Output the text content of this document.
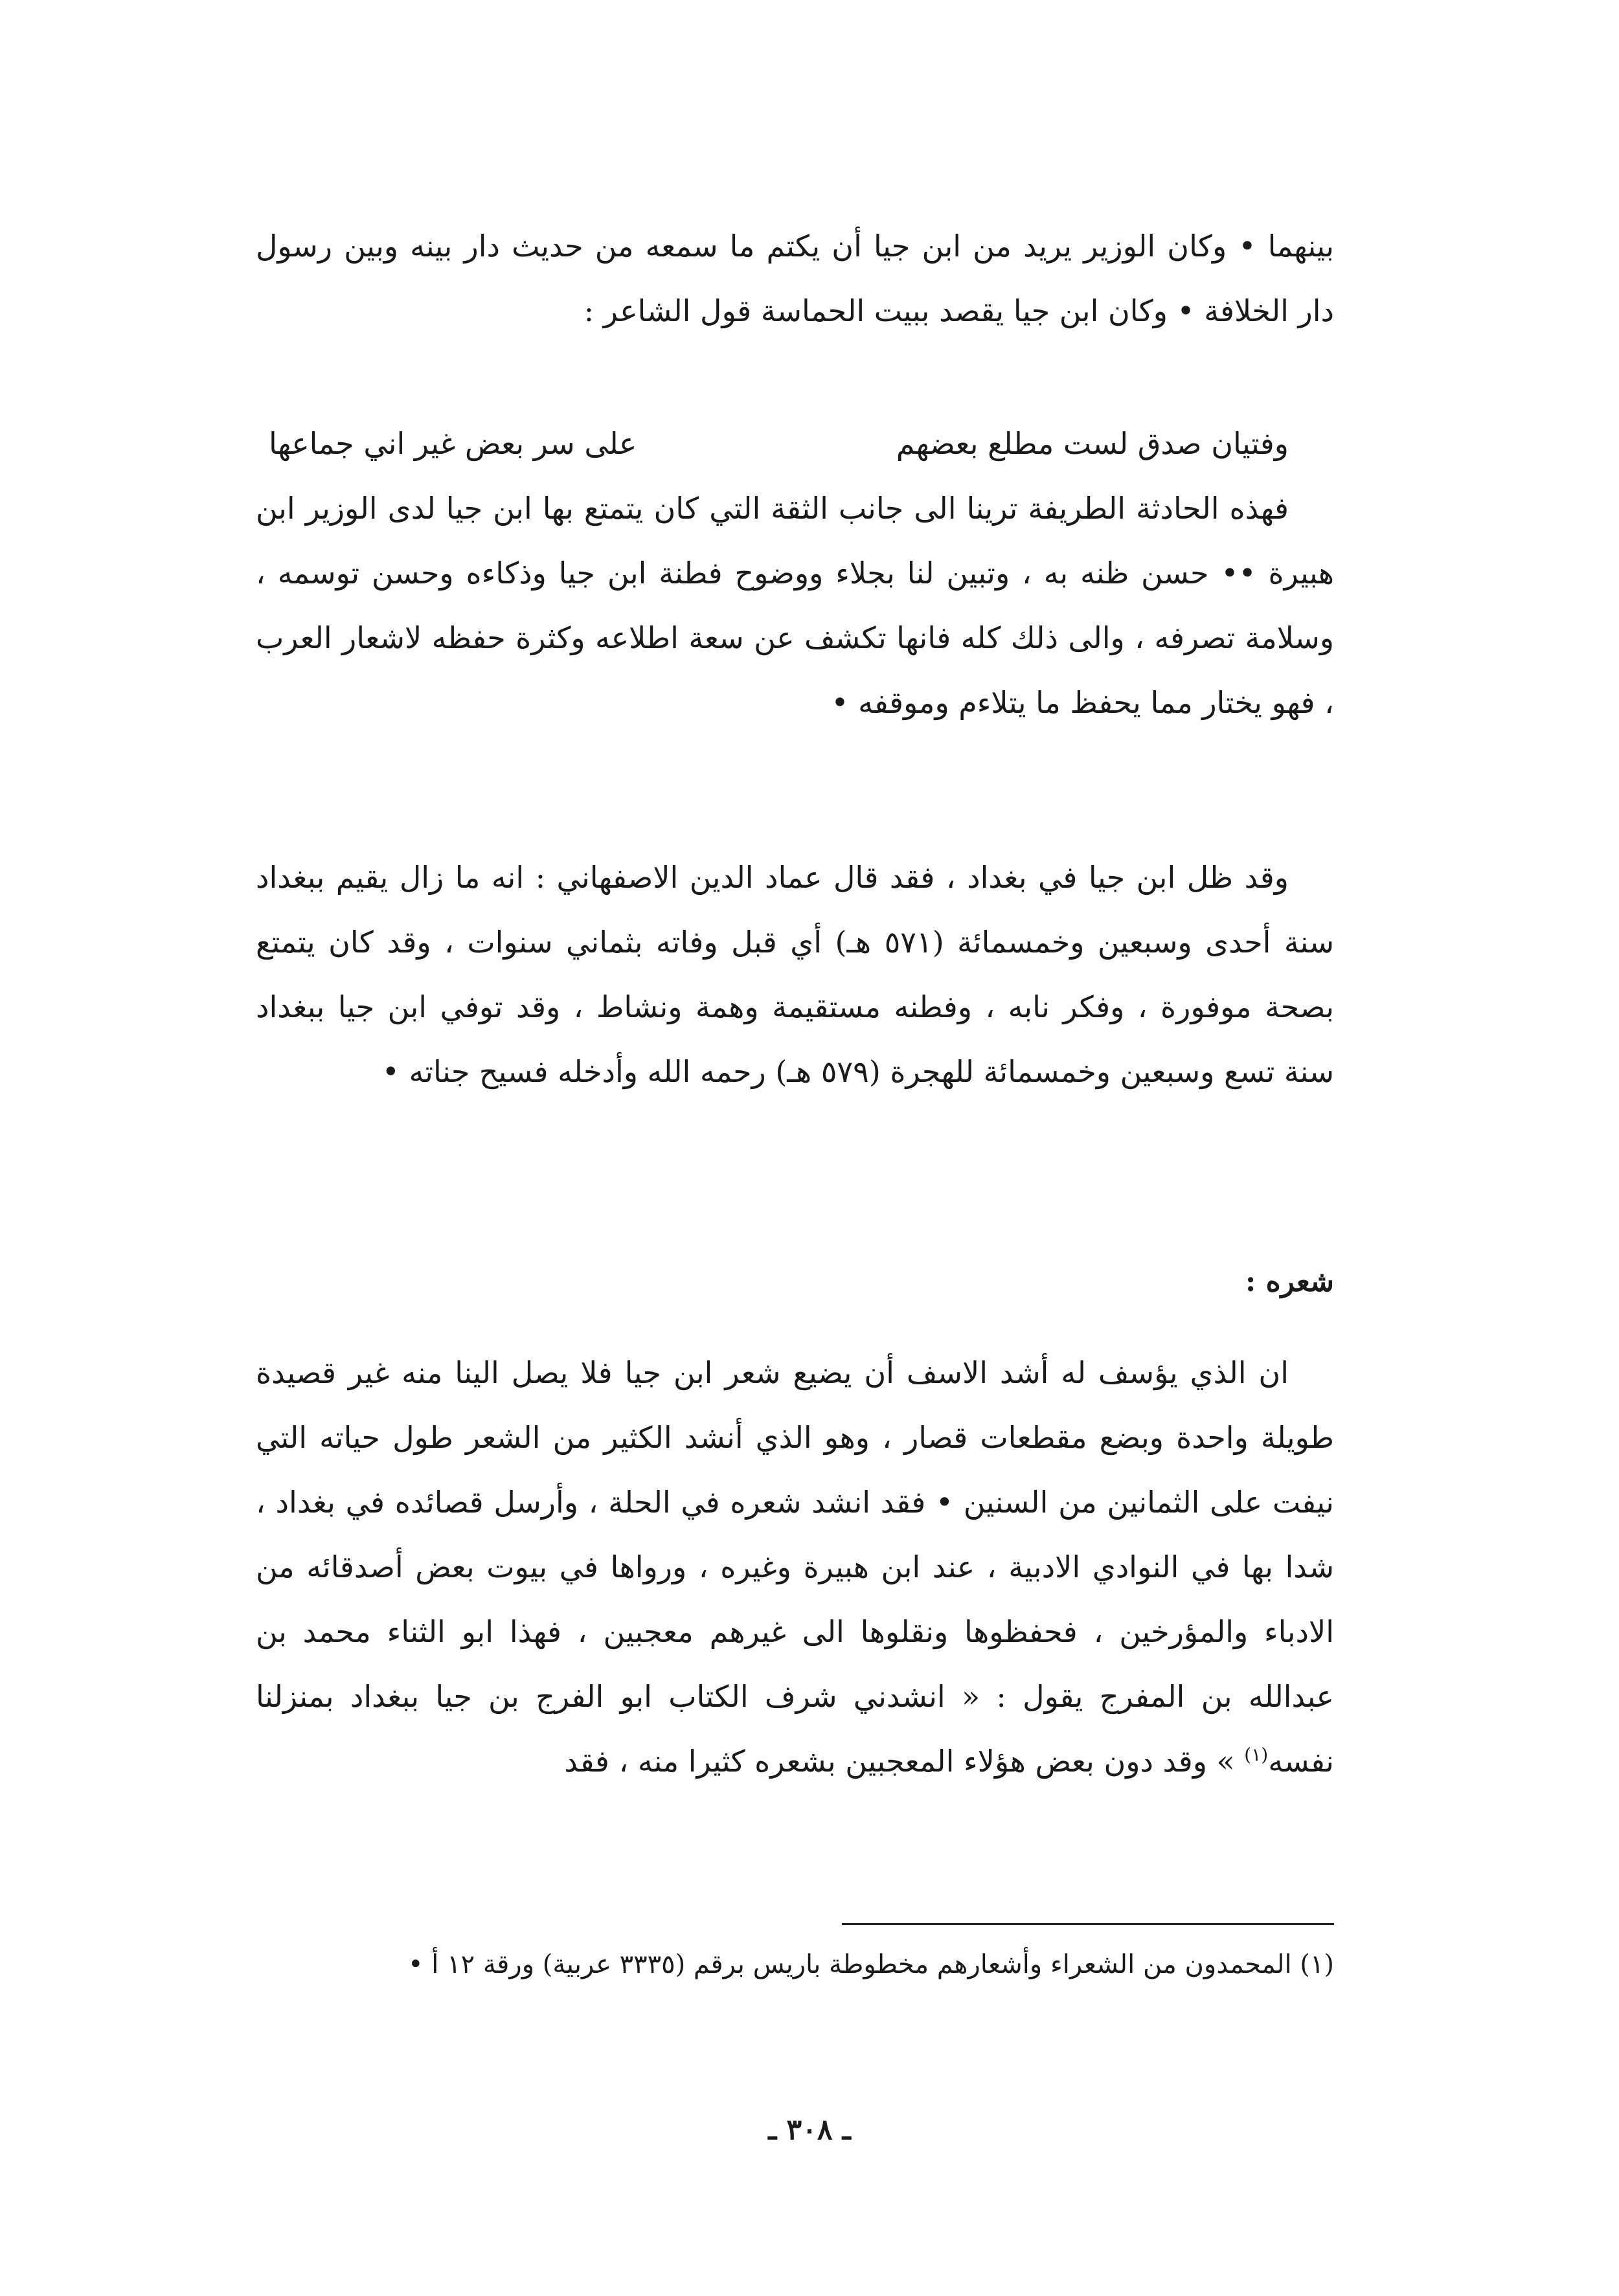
بينهما • وكان الوزير يريد من ابن جيا أن يكتم ما سمعه من حديث دار بينه وبين رسول دار الخلافة • وكان ابن جيا يقصد ببيت الحماسة قول الشاعر :

وفتيان صدق لست مطلع بعضهم
على سر بعض غير اني جماعها

فهذه الحادثة الطريفة ترينا الى جانب الثقة التي كان يتمتع بها ابن جيا لدى الوزير ابن هبيرة •• حسن ظنه به ، وتبين لنا بجلاء ووضوح فطنة ابن جيا وذكاءه وحسن توسمه ، وسلامة تصرفه ، والى ذلك كله فانها تكشف عن سعة اطلاعه وكثرة حفظه لاشعار العرب ، فهو يختار مما يحفظ ما يتلاءم وموقفه •

وقد ظل ابن جيا في بغداد ، فقد قال عماد الدين الاصفهاني : انه ما زال يقيم ببغداد سنة أحدى وسبعين وخمسمائة (٥٧١ هـ) أي قبل وفاته بثماني سنوات ، وقد كان يتمتع بصحة موفورة ، وفكر نابه ، وفطنه مستقيمة وهمة ونشاط ، وقد توفي ابن جيا ببغداد سنة تسع وسبعين وخمسمائة للهجرة (٥٧٩ هـ) رحمه الله وأدخله فسيح جناته •

شعره :

ان الذي يؤسف له أشد الاسف أن يضيع شعر ابن جيا فلا يصل الينا منه غير قصيدة طويلة واحدة وبضع مقطعات قصار ، وهو الذي أنشد الكثير من الشعر طول حياته التي نيفت على الثمانين من السنين • فقد انشد شعره في الحلة ، وأرسل قصائده في بغداد ، شدا بها في النوادي الادبية ، عند ابن هبيرة وغيره ، ورواها في بيوت بعض أصدقائه من الادباء والمؤرخين ، فحفظوها ونقلوها الى غيرهم معجبين ، فهذا ابو الثناء محمد بن عبدالله بن المفرج يقول : « انشدني شرف الكتاب ابو الفرج بن جيا ببغداد بمنزلنا نفسه$^{(١)}$ » وقد دون بعض هؤلاء المعجبين بشعره كثيرا منه ، فقد

(١) المحمدون من الشعراء وأشعارهم مخطوطة باريس برقم (٣٣٣٥ عربية) ورقة ١٢ أ •

ـ ٣٠٨ ـ
